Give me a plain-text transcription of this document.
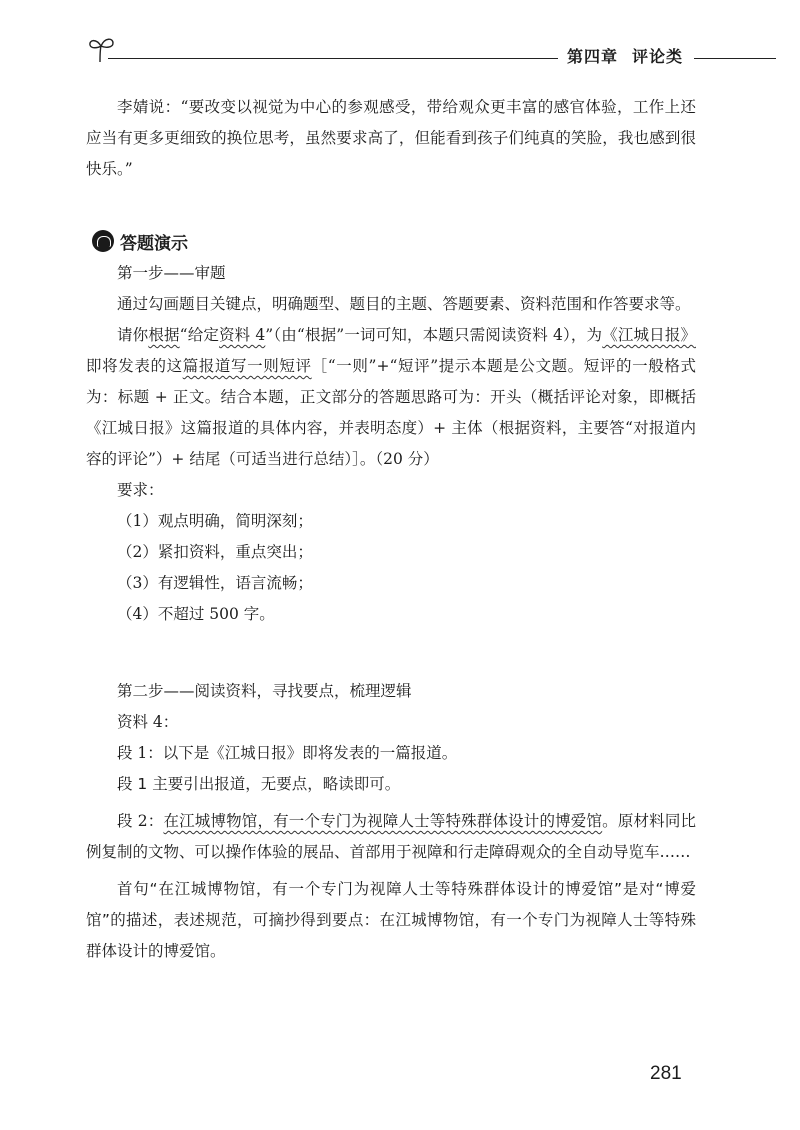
第四章 评论类

李婧说：“要改变以视觉为中心的参观感受，带给观众更丰富的感官体验，工作上还应当有更多更细致的换位思考，虽然要求高了，但能看到孩子们纯真的笑脸，我也感到很快乐。”

答题演示

第一步——审题

通过勾画题目关键点，明确题型、题目的主题、答题要素、资料范围和作答要求等。

请你根据“给定资料 4”（由“根据”一词可知，本题只需阅读资料 4），为《江城日报》即将发表的这篇报道写一则短评［“一则”+“短评”提示本题是公文题。短评的一般格式为：标题 + 正文。结合本题，正文部分的答题思路可为：开头（概括评论对象，即概括《江城日报》这篇报道的具体内容，并表明态度）+ 主体（根据资料，主要答“对报道内容的评论”）+ 结尾（可适当进行总结）］。（20 分）

要求：

（1）观点明确，简明深刻；

（2）紧扣资料，重点突出；

（3）有逻辑性，语言流畅；

（4）不超过 500 字。

第二步——阅读资料，寻找要点，梳理逻辑

资料 4：

段 1：以下是《江城日报》即将发表的一篇报道。

段 1 主要引出报道，无要点，略读即可。

段 2：在江城博物馆，有一个专门为视障人士等特殊群体设计的博爱馆。原材料同比例复制的文物、可以操作体验的展品、首部用于视障和行走障碍观众的全自动导览车……

首句“在江城博物馆，有一个专门为视障人士等特殊群体设计的博爱馆”是对“博爱馆”的描述，表述规范，可摘抄得到要点：在江城博物馆，有一个专门为视障人士等特殊群体设计的博爱馆。

281
